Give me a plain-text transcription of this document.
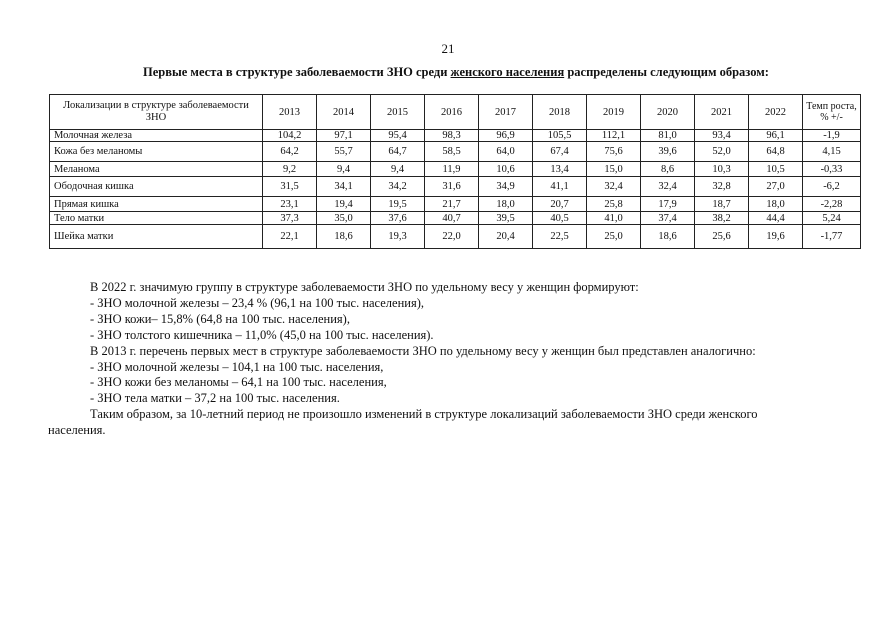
21
Первые места в структуре заболеваемости ЗНО среди женского населения распределены следующим образом:
Локализации в структуре заболеваемости ЗНО	2013	2014	2015	2016	2017	2018	2019	2020	2021	2022	Темп роста, % +/-
Молочная железа	104,2	97,1	95,4	98,3	96,9	105,5	112,1	81,0	93,4	96,1	-1,9
Кожа без меланомы	64,2	55,7	64,7	58,5	64,0	67,4	75,6	39,6	52,0	64,8	4,15
Меланома	9,2	9,4	9,4	11,9	10,6	13,4	15,0	8,6	10,3	10,5	-0,33
Ободочная кишка	31,5	34,1	34,2	31,6	34,9	41,1	32,4	32,4	32,8	27,0	-6,2
Прямая кишка	23,1	19,4	19,5	21,7	18,0	20,7	25,8	17,9	18,7	18,0	-2,28
Тело матки	37,3	35,0	37,6	40,7	39,5	40,5	41,0	37,4	38,2	44,4	5,24
Шейка матки	22,1	18,6	19,3	22,0	20,4	22,5	25,0	18,6	25,6	19,6	-1,77
В 2022 г. значимую группу в структуре заболеваемости ЗНО по удельному весу у женщин формируют:
- ЗНО молочной железы – 23,4 % (96,1 на 100 тыс. населения),
- ЗНО кожи– 15,8% (64,8 на 100 тыс. населения),
- ЗНО толстого кишечника – 11,0% (45,0 на 100 тыс. населения).
В 2013 г. перечень первых мест в структуре заболеваемости ЗНО по удельному весу у женщин был представлен аналогично:
- ЗНО молочной железы – 104,1 на 100 тыс. населения,
- ЗНО кожи без меланомы – 64,1 на 100 тыс. населения,
- ЗНО тела матки – 37,2 на 100 тыс. населения.
Таким образом, за 10-летний период не произошло изменений в структуре локализаций заболеваемости ЗНО среди женского
населения.
